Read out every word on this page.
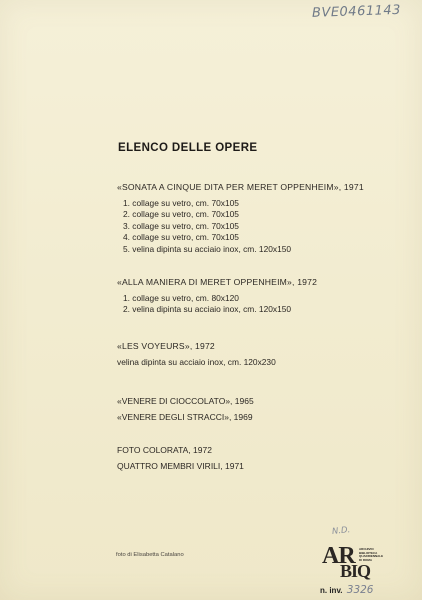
BVE0461143
ELENCO DELLE OPERE
«SONATA A CINQUE DITA PER MERET OPPENHEIM», 1971
1. collage su vetro, cm. 70x105
2. collage su vetro, cm. 70x105
3. collage su vetro, cm. 70x105
4. collage su vetro, cm. 70x105
5. velina dipinta su acciaio inox, cm. 120x150
«ALLA MANIERA DI MERET OPPENHEIM», 1972
1. collage su vetro, cm. 80x120
2. velina dipinta su acciaio inox, cm. 120x150
«LES VOYEURS», 1972
velina dipinta su acciaio inox, cm. 120x230
«VENERE DI CIOCCOLATO», 1965
«VENERE DEGLI STRACCI», 1969
FOTO COLORATA, 1972
QUATTRO MEMBRI VIRILI, 1971
foto di Elisabetta Catalano
N.D.
AR
BIQ
ARCHIVIO BIBLIOTECA QUADRIENNALE DI ROMA
n. inv. 3326
